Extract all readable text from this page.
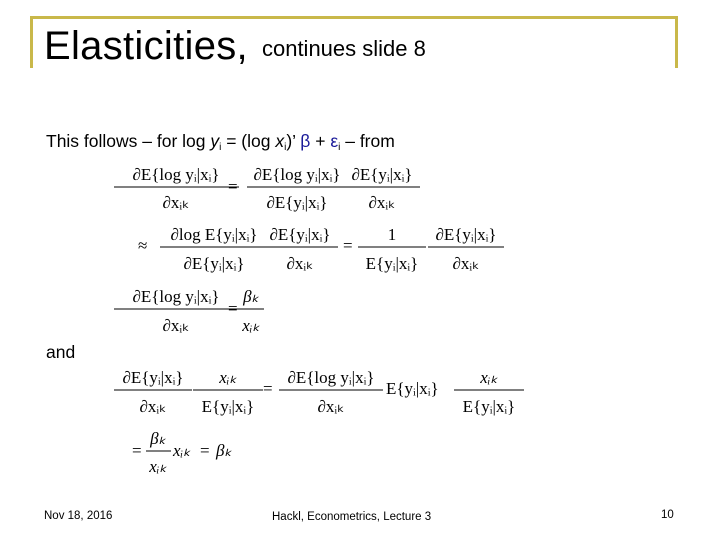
Elasticities, continues slide 8
This follows – for $\log y_i = (\log$ $x_i$)’ $\beta + \varepsilon_i$ – from
and
∂E{log yᵢ|xᵢ}
∂xᵢₖ
=
∂E{log yᵢ|xᵢ}
∂E{yᵢ|xᵢ}
∂E{yᵢ|xᵢ}
∂xᵢₖ
≈
∂log E{yᵢ|xᵢ}
∂E{yᵢ|xᵢ}
∂E{yᵢ|xᵢ}
∂xᵢₖ
=
1
E{yᵢ|xᵢ}
∂E{yᵢ|xᵢ}
∂xᵢₖ
∂E{log yᵢ|xᵢ}
∂xᵢₖ
=
βₖ
xᵢₖ
∂E{yᵢ|xᵢ}
∂xᵢₖ
xᵢₖ
E{yᵢ|xᵢ}
=
∂E{log yᵢ|xᵢ}
∂xᵢₖ
E{yᵢ|xᵢ}
xᵢₖ
E{yᵢ|xᵢ}
=
βₖ
xᵢₖ
xᵢₖ = βₖ
Nov 18, 2016	Hackl, Econometrics, Lecture 3	10
